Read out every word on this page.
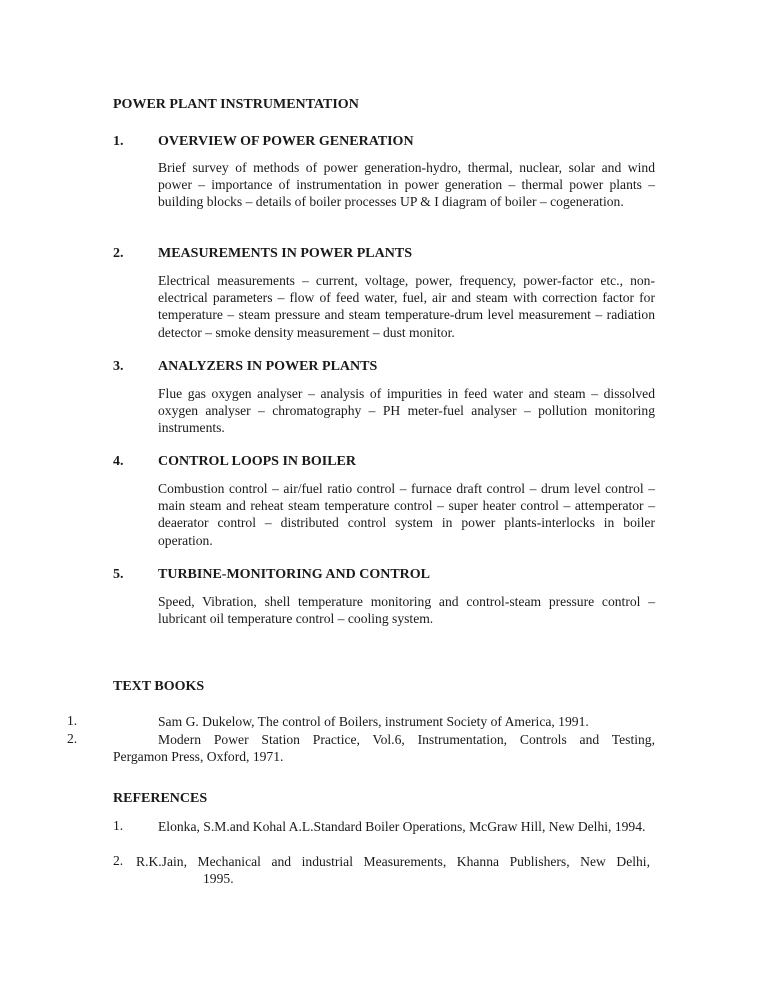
POWER PLANT INSTRUMENTATION
1. OVERVIEW OF POWER GENERATION
Brief survey of methods of power generation-hydro, thermal, nuclear, solar and wind power – importance of instrumentation in power generation – thermal power plants – building blocks – details of boiler processes UP & I diagram of boiler – cogeneration.
2. MEASUREMENTS IN POWER PLANTS
Electrical measurements – current, voltage, power, frequency, power-factor etc., non-electrical parameters – flow of feed water, fuel, air and steam with correction factor for temperature – steam pressure and steam temperature-drum level measurement – radiation detector – smoke density measurement – dust monitor.
3. ANALYZERS IN POWER PLANTS
Flue gas oxygen analyser – analysis of impurities in feed water and steam – dissolved oxygen analyser – chromatography – PH meter-fuel analyser – pollution monitoring instruments.
4. CONTROL LOOPS IN BOILER
Combustion control – air/fuel ratio control – furnace draft control – drum level control – main steam and reheat steam temperature control – super heater control – attemperator – deaerator control – distributed control system in power plants-interlocks in boiler operation.
5. TURBINE-MONITORING AND CONTROL
Speed, Vibration, shell temperature monitoring and control-steam pressure control – lubricant oil temperature control – cooling system.
TEXT BOOKS
1.	Sam G. Dukelow, The control of Boilers, instrument Society of America, 1991.
2.	Modern Power Station Practice, Vol.6, Instrumentation, Controls and Testing,
Pergamon Press, Oxford, 1971.
REFERENCES
1.	Elonka, S.M.and Kohal A.L.Standard Boiler Operations, McGraw Hill, New Delhi, 1994.
2. R.K.Jain, Mechanical and industrial Measurements, Khanna Publishers, New Delhi,
1995.
